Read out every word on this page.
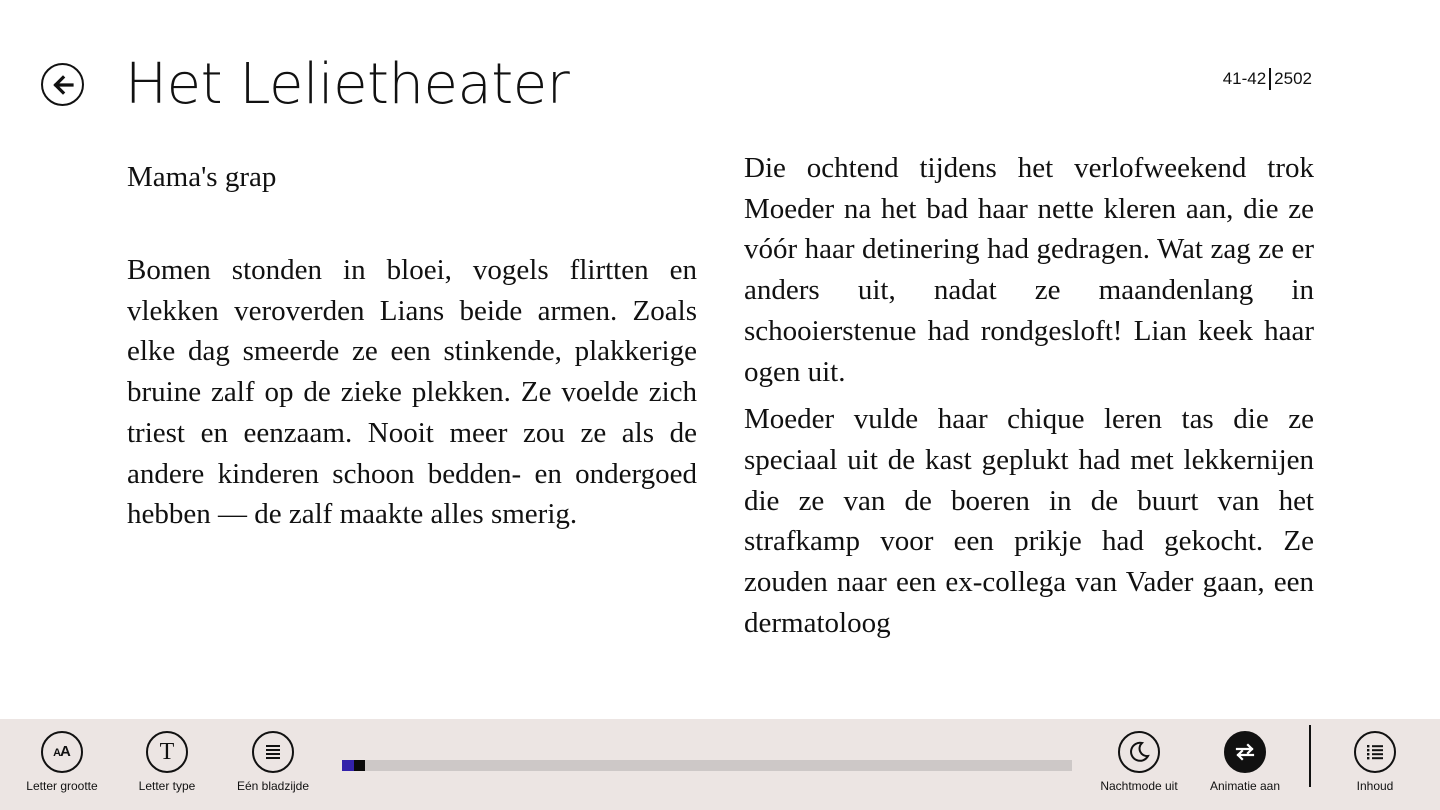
Het Lelietheater	41-42 2502
Mama's grap

Bomen stonden in bloei, vogels flirtten en vlekken veroverden Lians beide armen. Zoals elke dag smeerde ze een stinkende, plakkerige bruine zalf op de zieke plekken. Ze voelde zich triest en eenzaam. Nooit meer zou ze als de andere kinderen schoon bedden- en ondergoed hebben — de zalf maakte alles smerig.

Die ochtend tijdens het verlofweekend trok Moeder na het bad haar nette kleren aan, die ze vóór haar detinering had gedragen. Wat zag ze er anders uit, nadat ze maandenlang in schooierstenue had rondgesloft! Lian keek haar ogen uit.

Moeder vulde haar chique leren tas die ze speciaal uit de kast geplukt had met lekkernijen die ze van de boeren in de buurt van het strafkamp voor een prikje had gekocht. Ze zouden naar een ex-collega van Vader gaan, een dermatoloog

AA
Letter grootte
T
Letter type	Eén bladzijde	Nachtmode uit	Animatie aan	Inhoud
